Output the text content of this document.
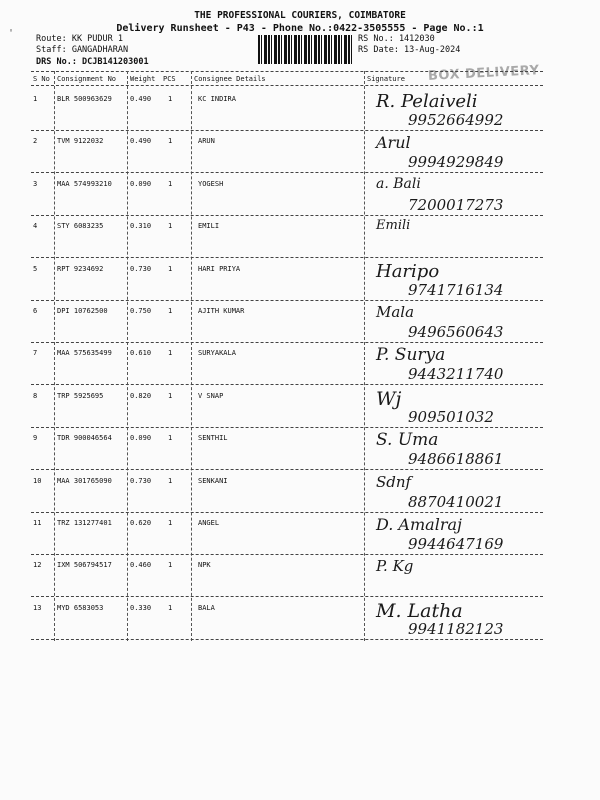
THE PROFESSIONAL COURIERS, COIMBATORE
Delivery Runsheet - P43 - Phone No.:0422-3505555 - Page No.:1
'	Route: KK PUDUR 1
Staff: GANGADHARAN
DRS No.: DCJB141203001
RS No.: 1412030
RS Date: 13-Aug-2024
BOX DELIVERY
S No Consignment No Weight PCS	Consignee Details	Signature
1	BLR 500963629	0.490 1	KC INDIRA	R. Pelaiveli
9952664992
2	TVM 9122032	0.490 1	ARUN	Arul
9994929849
3	MAA 574993210	0.090 1	YOGESH	a. Bali
7200017273
4	STY 6083235	0.310 1	EMILI	Emili
5	RPT 9234692	0.730 1	HARI PRIYA	Haripo
9741716134
6	DPI 10762500	0.750 1	AJITH KUMAR	Mala
9496560643
7	MAA 575635499	0.610 1	SURYAKALA	P. Surya
9443211740
8	TRP 5925695	0.820 1	V SNAP	Wj
909501032
9	TDR 900046564	0.090 1	SENTHIL	S. Uma
9486618861
10 MAA 301765090	0.730 1	SENKANI	Sdnf
8870410021
11 TRZ 131277401	0.620 1	ANGEL	D. Amalraj
9944647169
12 IXM 506794517	0.460 1	NPK	P. Kg
13 MYD 6583053	0.330 1	BALA	M. Latha
9941182123
